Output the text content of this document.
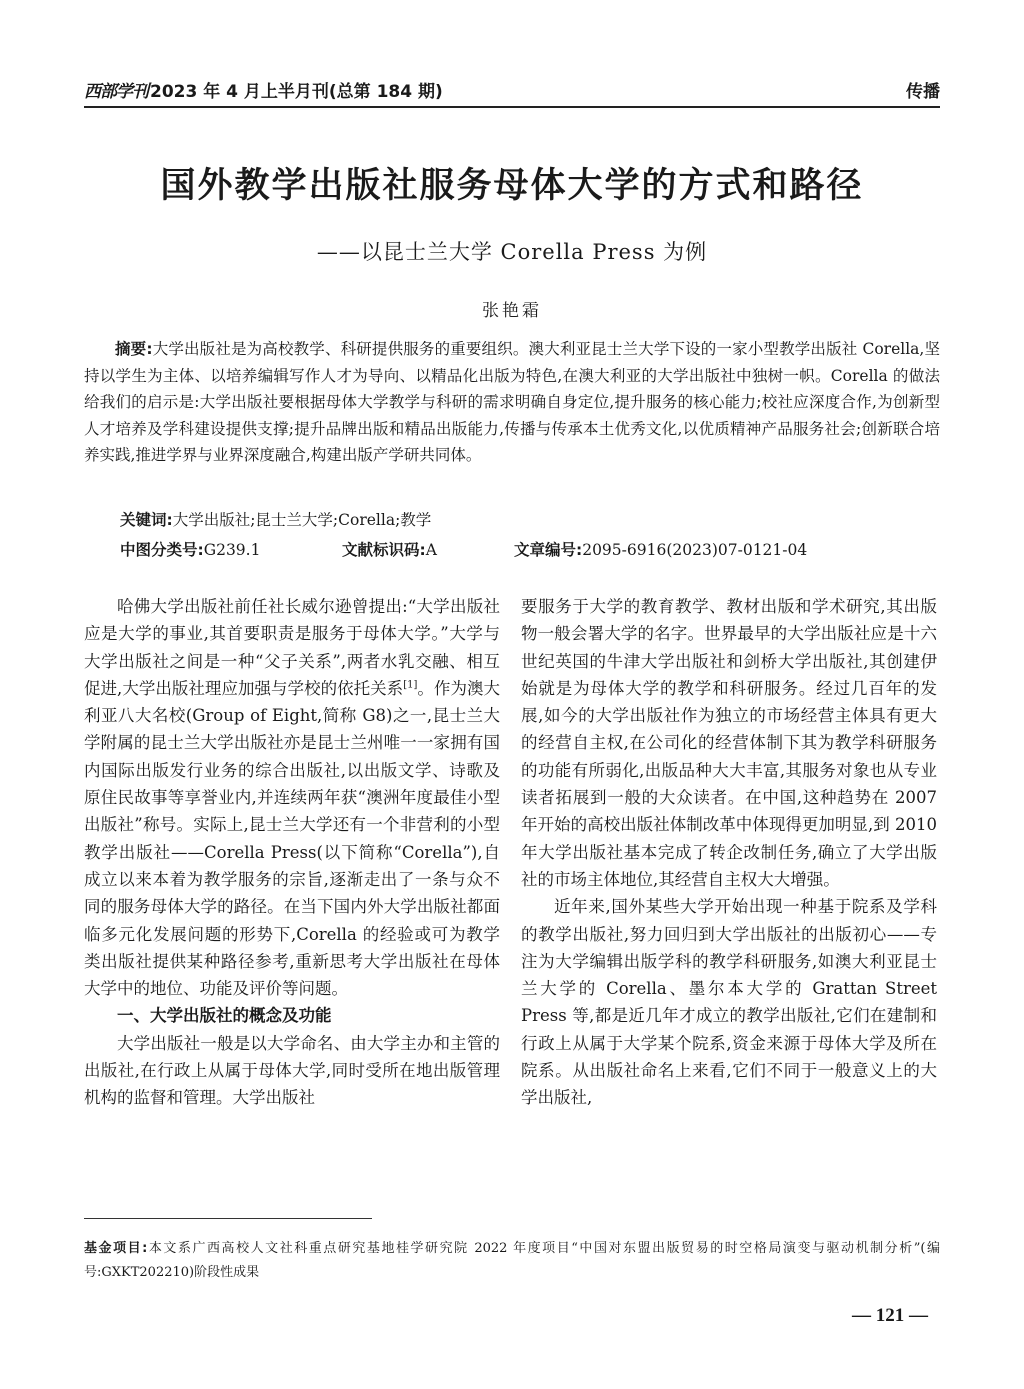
西部学刊 2023 年 4 月上半月刊(总第 184 期)	传播
国外教学出版社服务母体大学的方式和路径
——以昆士兰大学 Corella Press 为例
张艳霜

摘要:大学出版社是为高校教学、科研提供服务的重要组织。澳大利亚昆士兰大学下设的一家小型教学出版社 Corella,坚持以学生为主体、以培养编辑写作人才为导向、以精品化出版为特色,在澳大利亚的大学出版社中独树一帜。Corella 的做法给我们的启示是:大学出版社要根据母体大学教学与科研的需求明确自身定位,提升服务的核心能力;校社应深度合作,为创新型人才培养及学科建设提供支撑;提升品牌出版和精品出版能力,传播与传承本土优秀文化,以优质精神产品服务社会;创新联合培养实践,推进学界与业界深度融合,构建出版产学研共同体。

关键词:大学出版社;昆士兰大学;Corella;教学
中图分类号:G239.1	文献标识码:A	文章编号:2095-6916(2023)07-0121-04

哈佛大学出版社前任社长威尔逊曾提出:“大学出版社应是大学的事业,其首要职责是服务于母体大学。”大学与大学出版社之间是一种“父子关系”,两者水乳交融、相互促进,大学出版社理应加强与学校的依托关系[1]。作为澳大利亚八大名校(Group of Eight,简称 G8)之一,昆士兰大学附属的昆士兰大学出版社亦是昆士兰州唯一一家拥有国内国际出版发行业务的综合出版社,以出版文学、诗歌及原住民故事等享誉业内,并连续两年获“澳洲年度最佳小型出版社”称号。实际上,昆士兰大学还有一个非营利的小型教学出版社——Corella Press(以下简称“Corella”),自成立以来本着为教学服务的宗旨,逐渐走出了一条与众不同的服务母体大学的路径。在当下国内外大学出版社都面临多元化发展问题的形势下,Corella 的经验或可为教学类出版社提供某种路径参考,重新思考大学出版社在母体大学中的地位、功能及评价等问题。

一、大学出版社的概念及功能

大学出版社一般是以大学命名、由大学主办和主管的出版社,在行政上从属于母体大学,同时受所在地出版管理机构的监督和管理。大学出版社

要服务于大学的教育教学、教材出版和学术研究,其出版物一般会署大学的名字。世界最早的大学出版社应是十六世纪英国的牛津大学出版社和剑桥大学出版社,其创建伊始就是为母体大学的教学和科研服务。经过几百年的发展,如今的大学出版社作为独立的市场经营主体具有更大的经营自主权,在公司化的经营体制下其为教学科研服务的功能有所弱化,出版品种大大丰富,其服务对象也从专业读者拓展到一般的大众读者。在中国,这种趋势在 2007 年开始的高校出版社体制改革中体现得更加明显,到 2010 年大学出版社基本完成了转企改制任务,确立了大学出版社的市场主体地位,其经营自主权大大增强。

近年来,国外某些大学开始出现一种基于院系及学科的教学出版社,努力回归到大学出版社的出版初心——专注为大学编辑出版学科的教学科研服务,如澳大利亚昆士兰大学的 Corella、墨尔本大学的 Grattan Street Press 等,都是近几年才成立的教学出版社,它们在建制和行政上从属于大学某个院系,资金来源于母体大学及所在院系。从出版社命名上来看,它们不同于一般意义上的大学出版社,

基金项目:本文系广西高校人文社科重点研究基地桂学研究院 2022 年度项目“中国对东盟出版贸易的时空格局演变与驱动机制分析”(编号:GXKT202210)阶段性成果

— 121 —
